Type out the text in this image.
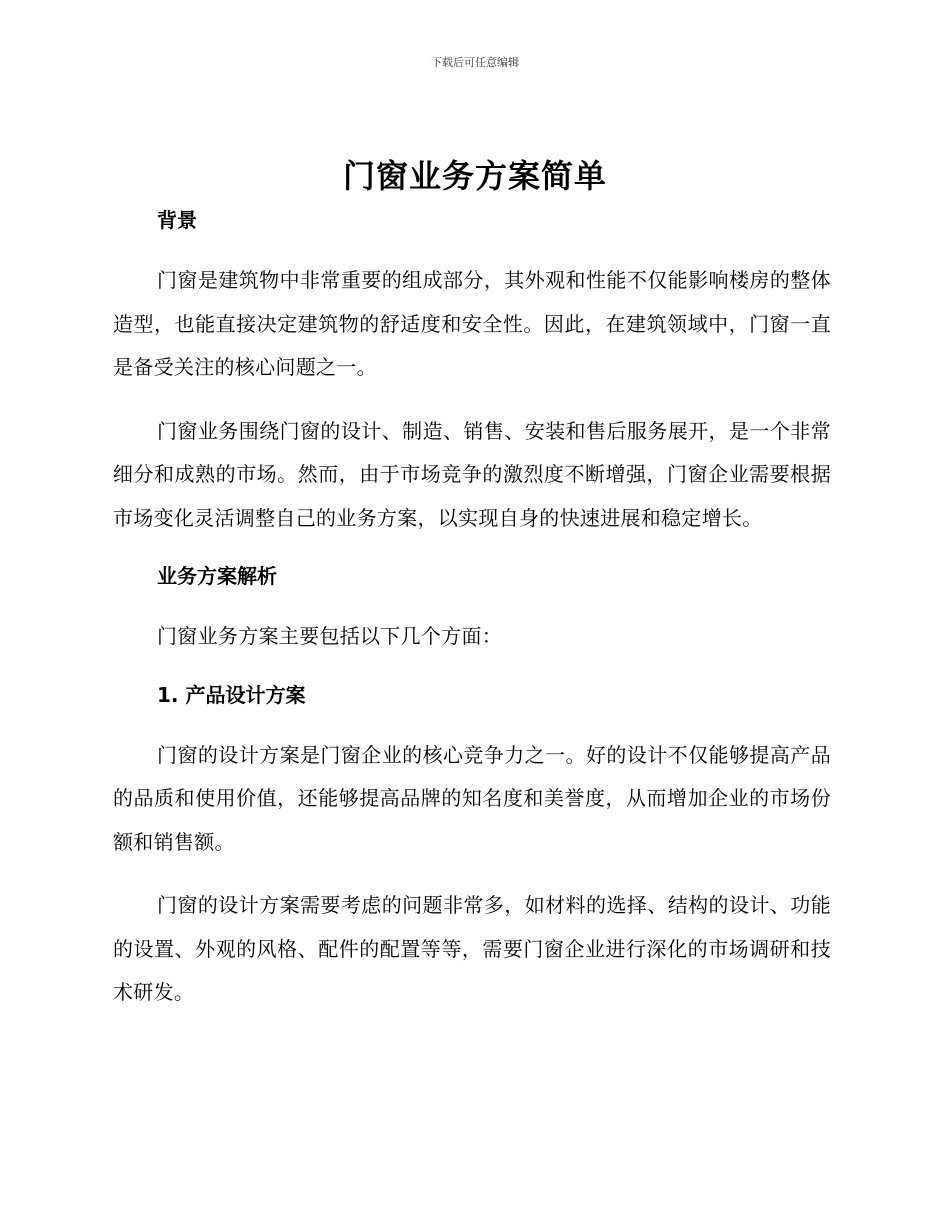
下载后可任意编辑
门窗业务方案简单
背景

门窗是建筑物中非常重要的组成部分，其外观和性能不仅能影响楼房的整体造型，也能直接决定建筑物的舒适度和安全性。因此，在建筑领域中，门窗一直是备受关注的核心问题之一。

门窗业务围绕门窗的设计、制造、销售、安装和售后服务展开，是一个非常细分和成熟的市场。然而，由于市场竞争的激烈度不断增强，门窗企业需要根据市场变化灵活调整自己的业务方案，以实现自身的快速进展和稳定增长。

业务方案解析

门窗业务方案主要包括以下几个方面：

1. 产品设计方案

门窗的设计方案是门窗企业的核心竞争力之一。好的设计不仅能够提高产品的品质和使用价值，还能够提高品牌的知名度和美誉度，从而增加企业的市场份额和销售额。

门窗的设计方案需要考虑的问题非常多，如材料的选择、结构的设计、功能的设置、外观的风格、配件的配置等等，需要门窗企业进行深化的市场调研和技术研发。
